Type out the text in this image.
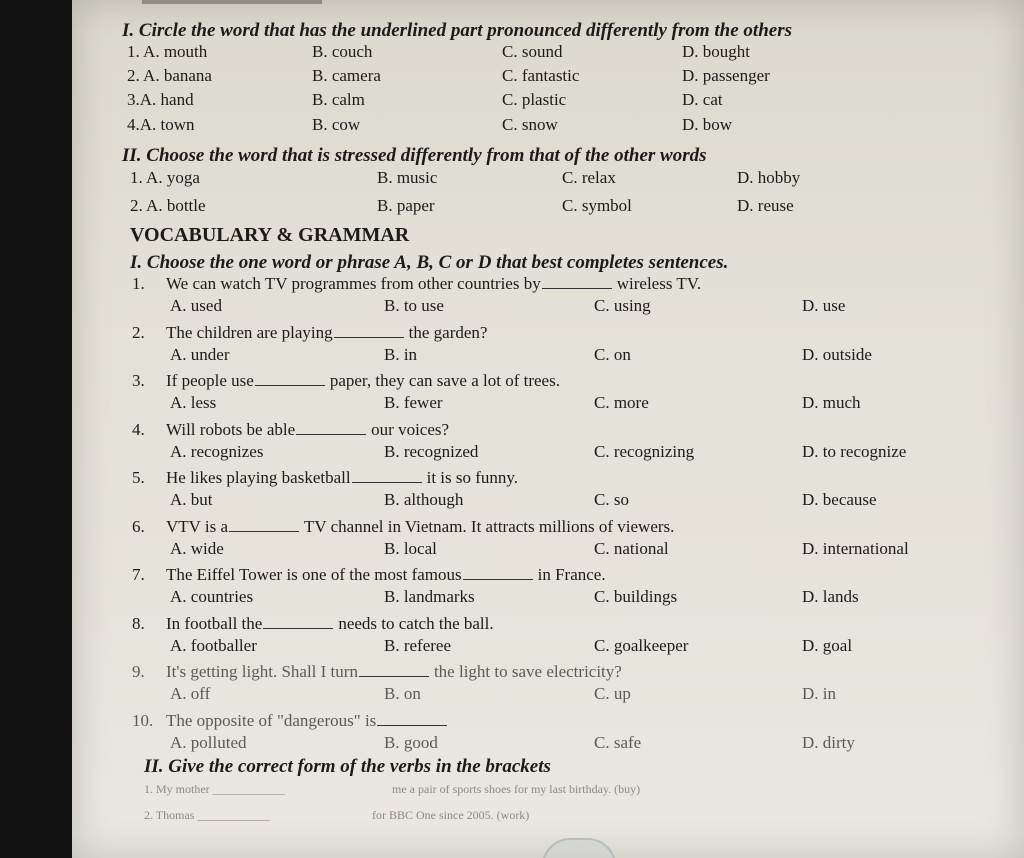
I. Circle the word that has the underlined part pronounced differently from the others
II. Choose the word that is stressed differently from that of the other words
VOCABULARY & GRAMMAR
I. Choose the one word or phrase A, B, C or D that best completes sentences.
II. Give the correct form of the verbs in the brackets
1. My mother ____________	me a pair of sports shoes for my last birthday. (buy)
2. Thomas ____________	for BBC One since 2005. (work)
1. A. mouth	B. couch	C. sound	D. bought
2. A. banana	B. camera	C. fantastic	D. passenger
3.A. hand	B. calm	C. plastic	D. cat
4.A. town	B. cow	C. snow	D. bow
1. A. yoga	B. music	C. relax	D. hobby
2. A. bottle	B. paper	C. symbol	D. reuse
1. We can watch TV programmes from other countries by	wireless TV.
A. used	B. to use	C. using	D. use
2. The children are playing	the garden?
A. under	B. in	C. on	D. outside
3. If people use	paper, they can save a lot of trees.
A. less	B. fewer	C. more	D. much
4. Will robots be able	our voices?
A. recognizes	B. recognized	C. recognizing	D. to recognize
5. He likes playing basketball	it is so funny.
A. but	B. although	C. so	D. because
6. VTV is a	TV channel in Vietnam. It attracts millions of viewers.
A. wide	B. local	C. national	D. international
7. The Eiffel Tower is one of the most famous	in France.
A. countries	B. landmarks	C. buildings	D. lands
8. In football the	needs to catch the ball.
A. footballer	B. referee	C. goalkeeper	D. goal
9. It's getting light. Shall I turn	the light to save electricity?
A. off	B. on	C. up	D. in
10. The opposite of "dangerous" is
A. polluted	B. good	C. safe	D. dirty
